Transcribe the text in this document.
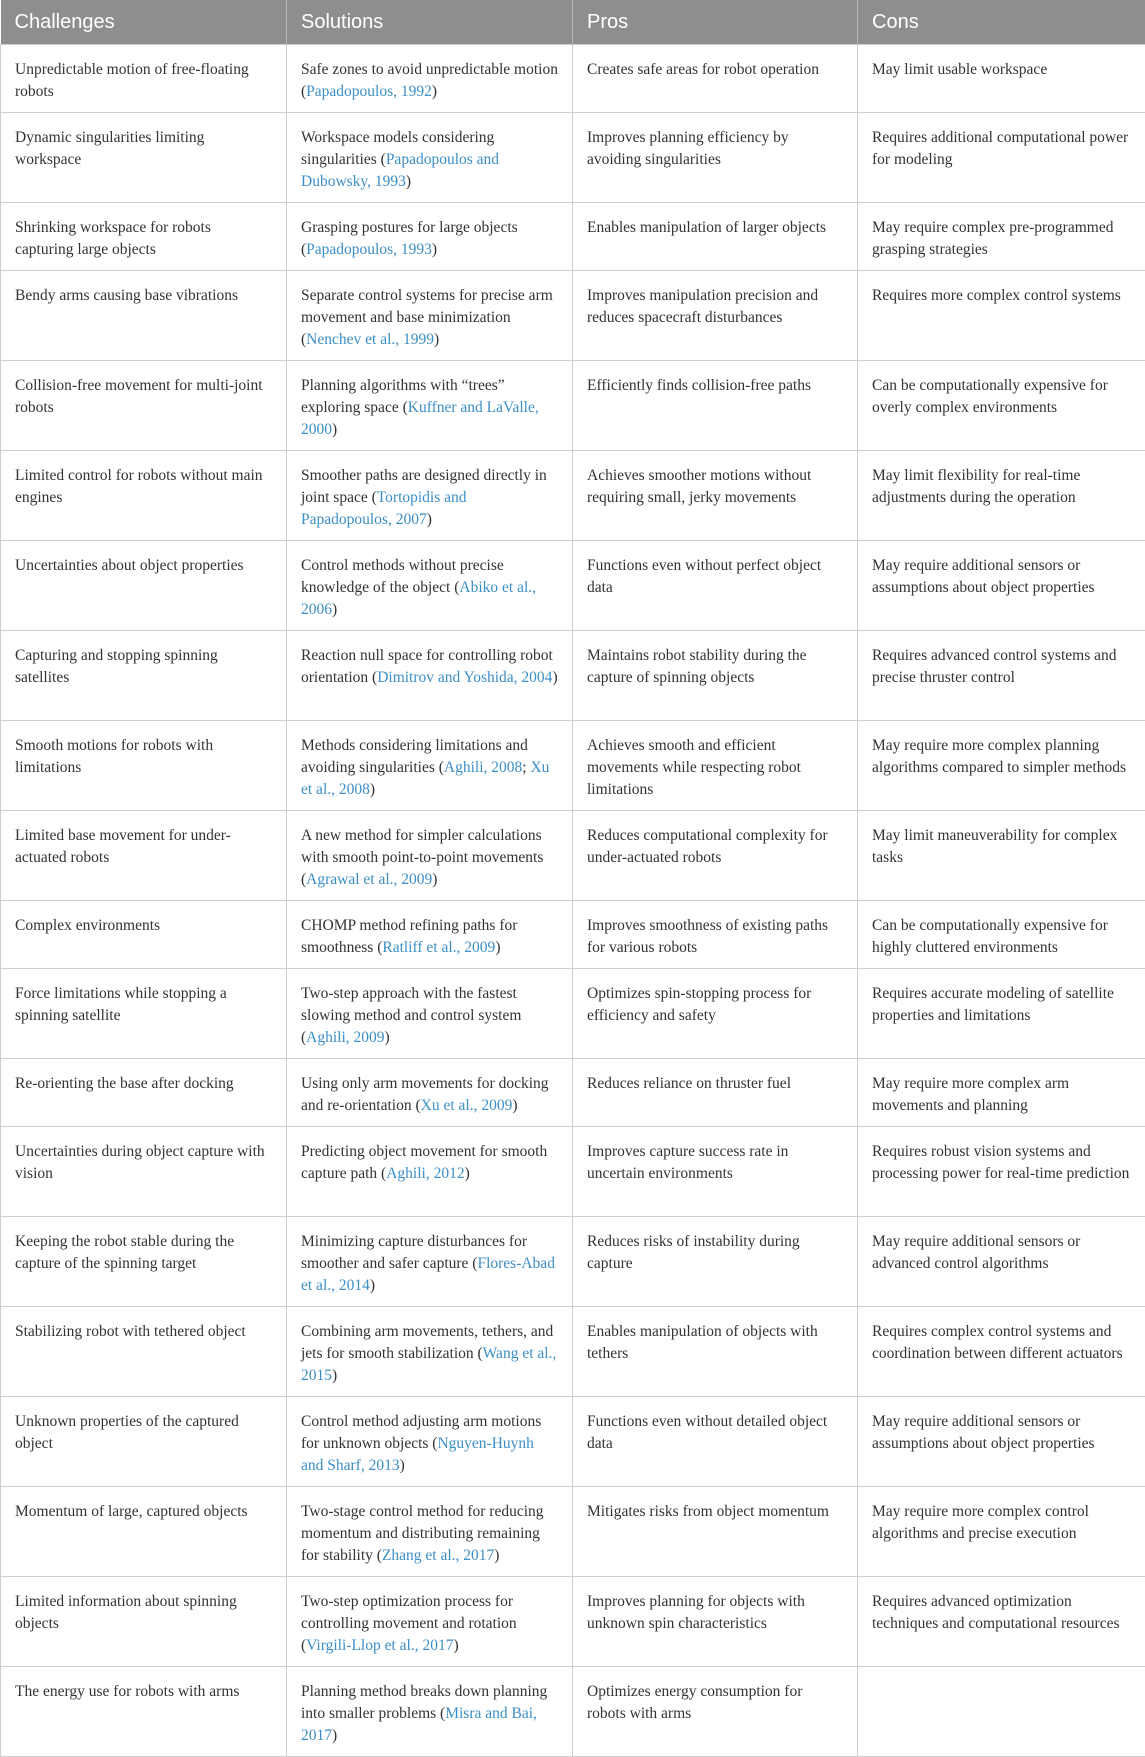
Challenges	Solutions	Pros	Cons
Unpredictable motion of free-floating robots	Safe zones to avoid unpredictable motion (Papadopoulos, 1992)	Creates safe areas for robot operation	May limit usable workspace
Dynamic singularities limiting workspace	Workspace models considering singularities (Papadopoulos and Dubowsky, 1993)	Improves planning efficiency by avoiding singularities	Requires additional computational power for modeling
Shrinking workspace for robots capturing large objects	Grasping postures for large objects (Papadopoulos, 1993)	Enables manipulation of larger objects	May require complex pre-programmed grasping strategies
Bendy arms causing base vibrations	Separate control systems for precise arm movement and base minimization (Nenchev et al., 1999)	Improves manipulation precision and reduces spacecraft disturbances	Requires more complex control systems
Collision-free movement for multi-joint robots	Planning algorithms with “trees” exploring space (Kuffner and LaValle, 2000)	Efficiently finds collision-free paths	Can be computationally expensive for overly complex environments
Limited control for robots without main engines	Smoother paths are designed directly in joint space (Tortopidis and Papadopoulos, 2007)	Achieves smoother motions without requiring small, jerky movements	May limit flexibility for real-time adjustments during the operation
Uncertainties about object properties	Control methods without precise knowledge of the object (Abiko et al., 2006)	Functions even without perfect object data	May require additional sensors or assumptions about object properties
Capturing and stopping spinning satellites	Reaction null space for controlling robot orientation (Dimitrov and Yoshida, 2004)	Maintains robot stability during the capture of spinning objects	Requires advanced control systems and precise thruster control
Smooth motions for robots with limitations	Methods considering limitations and avoiding singularities (Aghili, 2008; Xu et al., 2008)	Achieves smooth and efficient movements while respecting robot limitations	May require more complex planning algorithms compared to simpler methods
Limited base movement for under-actuated robots	A new method for simpler calculations with smooth point-to-point movements (Agrawal et al., 2009)	Reduces computational complexity for under-actuated robots	May limit maneuverability for complex tasks
Complex environments	CHOMP method refining paths for smoothness (Ratliff et al., 2009)	Improves smoothness of existing paths for various robots	Can be computationally expensive for highly cluttered environments
Force limitations while stopping a spinning satellite	Two-step approach with the fastest slowing method and control system (Aghili, 2009)	Optimizes spin-stopping process for efficiency and safety	Requires accurate modeling of satellite properties and limitations
Re-orienting the base after docking	Using only arm movements for docking and re-orientation (Xu et al., 2009)	Reduces reliance on thruster fuel	May require more complex arm movements and planning
Uncertainties during object capture with vision	Predicting object movement for smooth capture path (Aghili, 2012)	Improves capture success rate in uncertain environments	Requires robust vision systems and processing power for real-time prediction
Keeping the robot stable during the capture of the spinning target	Minimizing capture disturbances for smoother and safer capture (Flores-Abad et al., 2014)	Reduces risks of instability during capture	May require additional sensors or advanced control algorithms
Stabilizing robot with tethered object	Combining arm movements, tethers, and jets for smooth stabilization (Wang et al., 2015)	Enables manipulation of objects with tethers	Requires complex control systems and coordination between different actuators
Unknown properties of the captured object	Control method adjusting arm motions for unknown objects (Nguyen-Huynh and Sharf, 2013)	Functions even without detailed object data	May require additional sensors or assumptions about object properties
Momentum of large, captured objects	Two-stage control method for reducing momentum and distributing remaining for stability (Zhang et al., 2017)	Mitigates risks from object momentum	May require more complex control algorithms and precise execution
Limited information about spinning objects	Two-step optimization process for controlling movement and rotation (Virgili-Llop et al., 2017)	Improves planning for objects with unknown spin characteristics	Requires advanced optimization techniques and computational resources
The energy use for robots with arms	Planning method breaks down planning into smaller problems (Misra and Bai, 2017)	Optimizes energy consumption for robots with arms	
